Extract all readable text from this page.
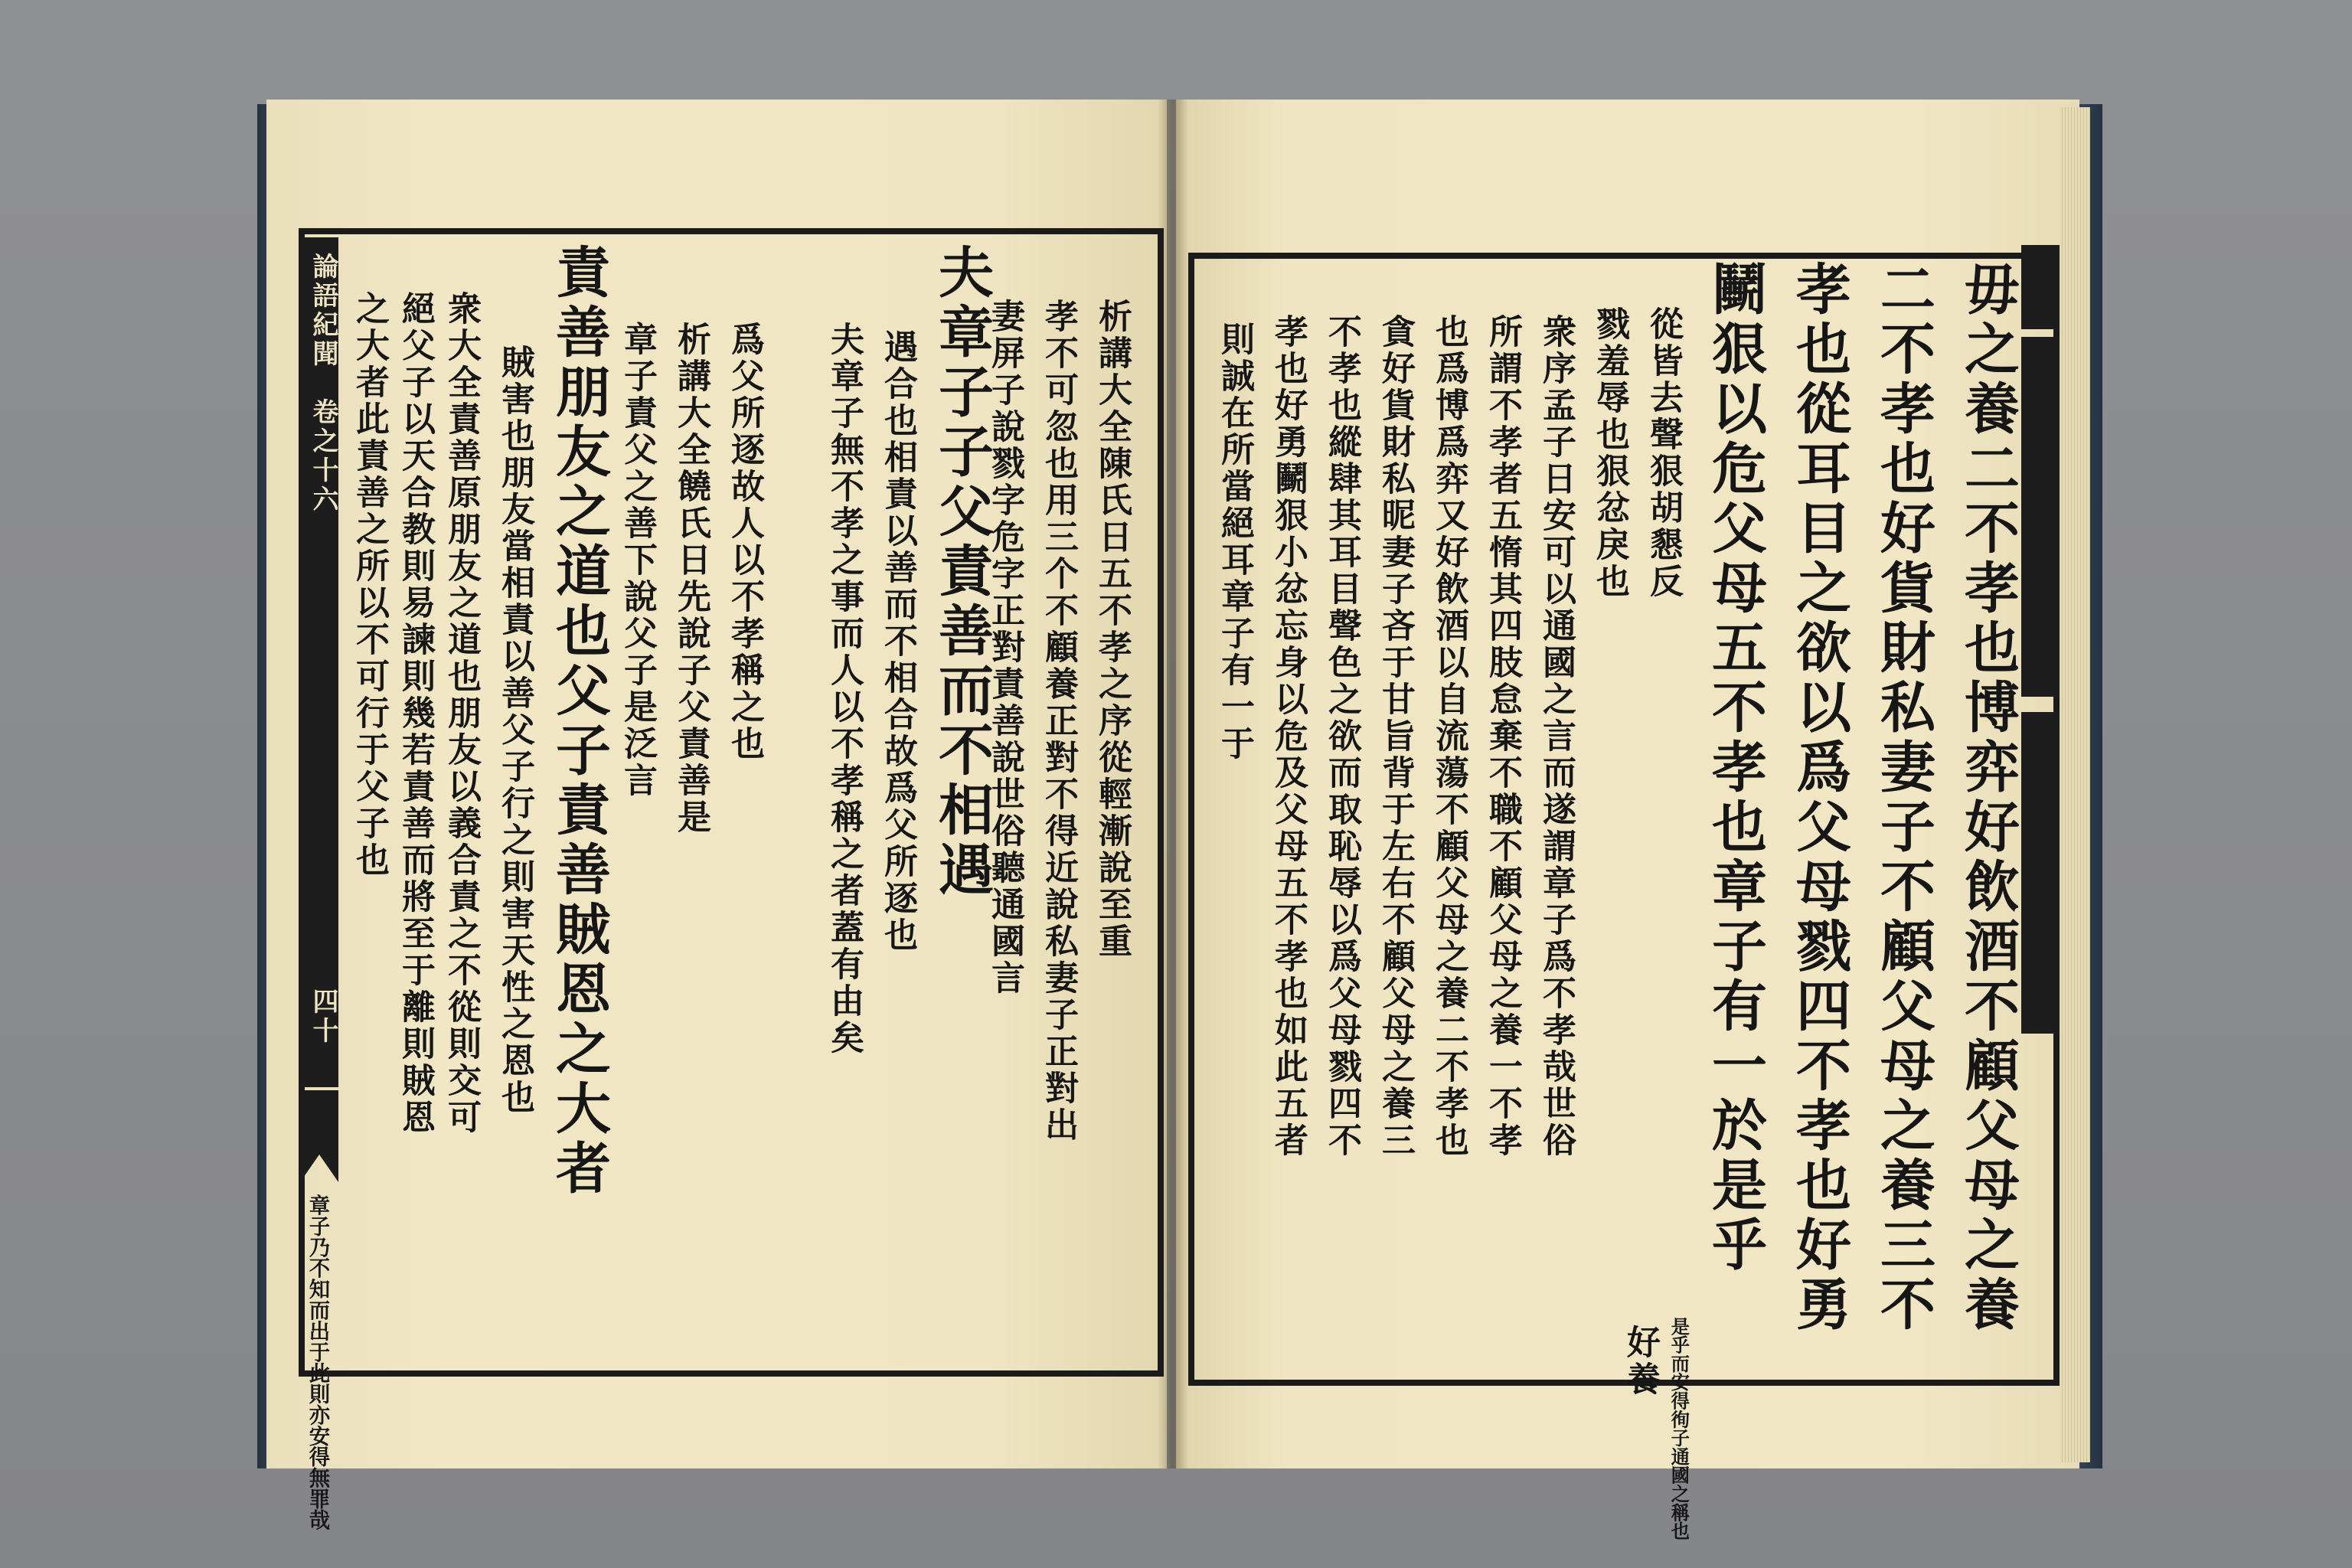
論語紀聞
卷之十六
四十	責善朋友之道也父子責善賊恩之大者
賊害也朋友當相責以善父子行之則害天性之恩也	夫章子子父責善而不相遇
遇合也相責以善而不相合故爲父所逐也
夫章子無不孝之事而人以不孝稱之者蓋有由矣
析講大全饒氏日先說子父責善是 爲父所逐故人以不孝稱之也
章子責父之善下說父子是泛言	析講大全陳氏日五不孝之序從輕漸說至重
孝不可忽也用三个不顧養正對不得近說私妻子正對出
妻屏子說戮字危字正對責善說世俗聽通國言
衆大全責善原朋友之道也朋友以義合責之不從則交可
絕父子以天合教則易諫則幾若責善而將至于離則賊恩
之大者此責善之所以不可行于父子也
章子乃不知而出于此則亦安得無罪哉
四十一
毋之養二不孝也博弈好飲酒不顧父母之養
二不孝也好貨財私妻子不顧父母之養三不
孝也從耳目之欲以爲父母戮四不孝也好勇
鬭狠以危父母五不孝也章子有一於是乎
從皆去聲狠胡懇反
戮羞辱也狠忿戾也
衆序孟子日安可以通國之言而遂謂章子爲不孝哉世俗
所謂不孝者五惰其四肢怠棄不職不顧父母之養一不孝
也爲博爲弈又好飲酒以自流蕩不顧父母之養二不孝也
貪好貨財私昵妻子吝于甘旨背于左右不顧父母之養三
不孝也縱肆其耳目聲色之欲而取恥辱以爲父母戮四不
孝也好勇鬭狠小忿忘身以危及父母五不孝也如此五者
則誠在所當絕耳章子有一于
是乎而安得徇子通國之稱也
好養
